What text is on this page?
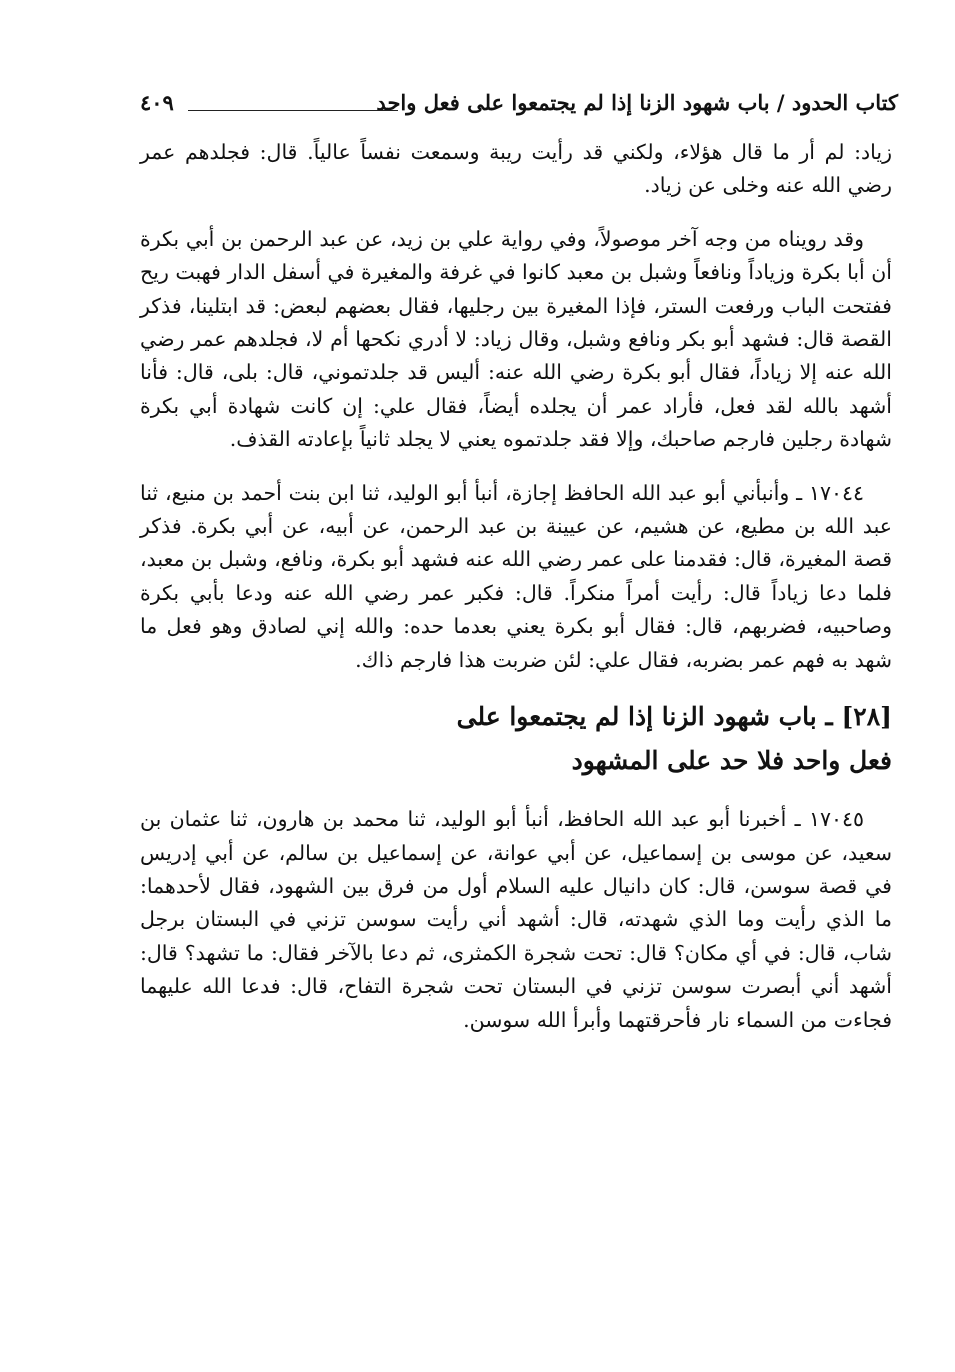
كتاب الحدود / باب شهود الزنا إذا لم يجتمعوا على فعل واحد
٤٠٩

زياد: لم أر ما قال هؤلاء، ولكني قد رأيت ريبة وسمعت نفساً عالياً. قال: فجلدهم عمر رضي الله عنه وخلى عن زياد.

وقد رويناه من وجه آخر موصولاً، وفي رواية علي بن زيد، عن عبد الرحمن بن أبي بكرة أن أبا بكرة وزياداً ونافعاً وشبل بن معبد كانوا في غرفة والمغيرة في أسفل الدار فهبت ريح ففتحت الباب ورفعت الستر، فإذا المغيرة بين رجليها، فقال بعضهم لبعض: قد ابتلينا، فذكر القصة قال: فشهد أبو بكر ونافع وشبل، وقال زياد: لا أدري نكحها أم لا، فجلدهم عمر رضي الله عنه إلا زياداً، فقال أبو بكرة رضي الله عنه: أليس قد جلدتموني، قال: بلى، قال: فأنا أشهد بالله لقد فعل، فأراد عمر أن يجلده أيضاً، فقال علي: إن كانت شهادة أبي بكرة شهادة رجلين فارجم صاحبك، وإلا فقد جلدتموه يعني لا يجلد ثانياً بإعادته القذف.

١٧٠٤٤ ـ وأنبأني أبو عبد الله الحافظ إجازة، أنبأ أبو الوليد، ثنا ابن بنت أحمد بن منيع، ثنا عبد الله بن مطيع، عن هشيم، عن عيينة بن عبد الرحمن، عن أبيه، عن أبي بكرة. فذكر قصة المغيرة، قال: فقدمنا على عمر رضي الله عنه فشهد أبو بكرة، ونافع، وشبل بن معبد، فلما دعا زياداً قال: رأيت أمراً منكراً. قال: فكبر عمر رضي الله عنه ودعا بأبي بكرة وصاحبيه، فضربهم، قال: فقال أبو بكرة يعني بعدما حده: والله إني لصادق وهو فعل ما شهد به فهم عمر بضربه، فقال علي: لئن ضربت هذا فارجم ذاك.

[٢٨] ـ باب شهود الزنا إذا لم يجتمعوا على

فعل واحد فلا حد على المشهود

١٧٠٤٥ ـ أخبرنا أبو عبد الله الحافظ، أنبأ أبو الوليد، ثنا محمد بن هارون، ثنا عثمان بن سعيد، عن موسى بن إسماعيل، عن أبي عوانة، عن إسماعيل بن سالم، عن أبي إدريس في قصة سوسن، قال: كان دانيال عليه السلام أول من فرق بين الشهود، فقال لأحدهما: ما الذي رأيت وما الذي شهدته، قال: أشهد أني رأيت سوسن تزني في البستان برجل شاب، قال: في أي مكان؟ قال: تحت شجرة الكمثرى، ثم دعا بالآخر فقال: ما تشهد؟ قال: أشهد أني أبصرت سوسن تزني في البستان تحت شجرة التفاح، قال: فدعا الله عليهما فجاءت من السماء نار فأحرقتهما وأبرأ الله سوسن.
